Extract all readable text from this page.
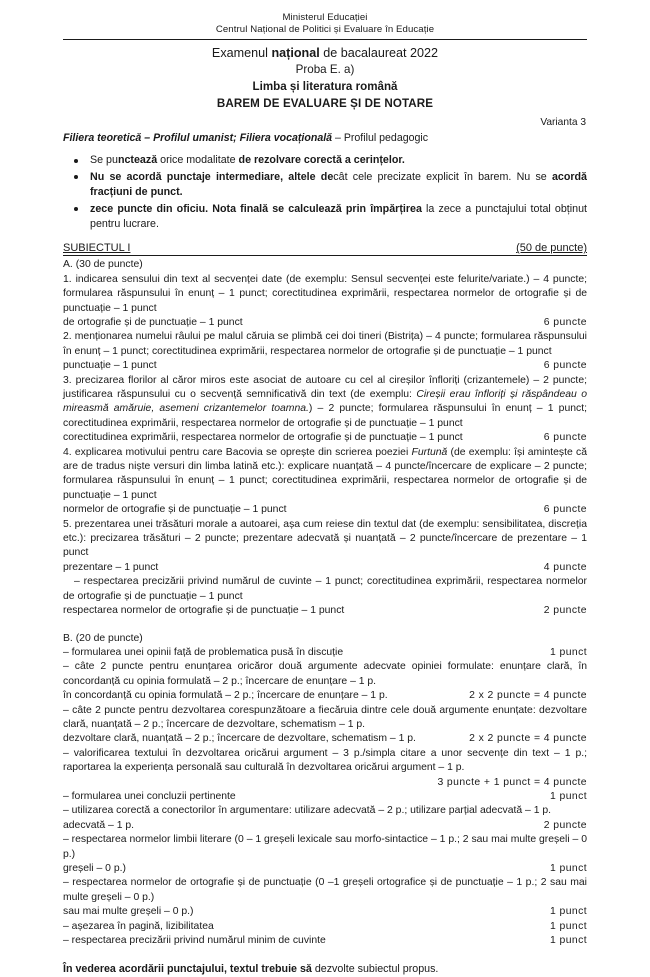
Ministerul Educației
Centrul Național de Politici și Evaluare în Educație
Examenul național de bacalaureat 2022
Proba E. a)
Limba și literatura română
BAREM DE EVALUARE ȘI DE NOTARE
Varianta 3
Filiera teoretică – Profilul umanist; Filiera vocațională – Profilul pedagogic
Se punctează orice modalitate de rezolvare corectă a cerințelor.
Nu se acordă punctaje intermediare, altele decât cele precizate explicit în barem. Nu se acordă fracțiuni de punct.
zece puncte din oficiu. Nota finală se calculează prin împărțirea la zece a punctajului total obținut pentru lucrare.
SUBIECTUL I	(50 de puncte)
A. (30 de puncte)
1. indicarea sensului din text al secvenței date (de exemplu: Sensul secvenței este felurite/variate.) – 4 puncte; formularea răspunsului în enunț – 1 punct; corectitudinea exprimării, respectarea normelor de ortografie și de punctuație – 1 punct
de ortografie și de punctuație – 1 punct	6 puncte
2. menționarea numelui râului pe malul căruia se plimbă cei doi tineri (Bistrița) – 4 puncte; formularea răspunsului în enunț – 1 punct; corectitudinea exprimării, respectarea normelor de ortografie și de punctuație – 1 punct
punctuație – 1 punct	6 puncte
3. precizarea florilor al căror miros este asociat de autoare cu cel al cireșilor înfloriți (crizantemele) – 2 puncte; justificarea răspunsului cu o secvență semnificativă din text (de exemplu: Cireșii erau înfloriți și răspândeau o mireasmă amăruie, asemeni crizantemelor toamna.) – 2 puncte; formularea răspunsului în enunț – 1 punct; corectitudinea exprimării, respectarea normelor de ortografie și de punctuație – 1 punct
corectitudinea exprimării, respectarea normelor de ortografie și de punctuație – 1 punct	6 puncte
4. explicarea motivului pentru care Bacovia se oprește din scrierea poeziei Furtună (de exemplu: își amintește că are de tradus niște versuri din limba latină etc.): explicare nuanțată – 4 puncte/încercare de explicare – 2 puncte; formularea răspunsului în enunț – 1 punct; corectitudinea exprimării, respectarea normelor de ortografie și de punctuație – 1 punct
normelor de ortografie și de punctuație – 1 punct	6 puncte
5. prezentarea unei trăsături morale a autoarei, așa cum reiese din textul dat (de exemplu: sensibilitatea, discreția etc.): precizarea trăsături – 2 puncte; prezentare adecvată și nuanțată – 2 puncte/încercare de prezentare – 1 punct
prezentare – 1 punct	4 puncte
– respectarea precizării privind numărul de cuvinte – 1 punct; corectitudinea exprimării, respectarea normelor de ortografie și de punctuație – 1 punct
respectarea normelor de ortografie și de punctuație – 1 punct	2 puncte
B. (20 de puncte)
– formularea unei opinii față de problematica pusă în discuție	1 punct
– câte 2 puncte pentru enunțarea oricăror două argumente adecvate opiniei formulate: enunțare clară, în concordanță cu opinia formulată – 2 p.; încercare de enunțare – 1 p.
în concordanță cu opinia formulată – 2 p.; încercare de enunțare – 1 p.	2 x 2 puncte = 4 puncte
– câte 2 puncte pentru dezvoltarea corespunzătoare a fiecăruia dintre cele două argumente enunțate: dezvoltare clară, nuanțată – 2 p.; încercare de dezvoltare, schematism – 1 p.
dezvoltare clară, nuanțată – 2 p.; încercare de dezvoltare, schematism – 1 p.	2 x 2 puncte = 4 puncte
– valorificarea textului în dezvoltarea oricărui argument – 3 p./simpla citare a unor secvențe din text – 1 p.; raportarea la experiența personală sau culturală în dezvoltarea oricărui argument – 1 p.
3 puncte + 1 punct = 4 puncte
– formularea unei concluzii pertinente	1 punct
– utilizarea corectă a conectorilor în argumentare: utilizare adecvată – 2 p.; utilizare parțial adecvată – 1 p.
adecvată – 1 p.	2 puncte
– respectarea normelor limbii literare (0 – 1 greșeli lexicale sau morfo-sintactice – 1 p.; 2 sau mai multe greșeli – 0 p.)
greșeli – 0 p.)	1 punct
– respectarea normelor de ortografie și de punctuație (0 –1 greșeli ortografice și de punctuație – 1 p.; 2 sau mai multe greșeli – 0 p.)
sau mai multe greșeli – 0 p.)	1 punct
– așezarea în pagină, lizibilitatea	1 punct
– respectarea precizării privind numărul minim de cuvinte	1 punct
În vederea acordării punctajului, textul trebuie să dezvolte subiectul propus.
